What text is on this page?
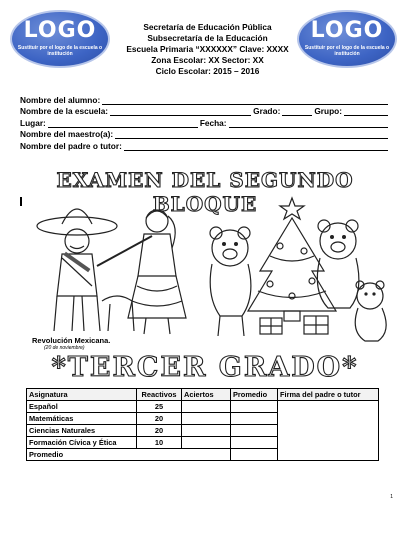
LOGO
Sustituir por el logo de la escuela o institución
LOGO
Sustituir por el logo de la escuela o institución
Secretaría de Educación Pública
Subsecretaría de la Educación
Escuela Primaria “XXXXXX” Clave: XXXX
Zona Escolar: XX Sector: XX
Ciclo Escolar: 2015 – 2016
Nombre del alumno:
Nombre de la escuela:	Grado:	Grupo:
Lugar:	Fecha:
Nombre del maestro(a):
Nombre del padre o tutor:
EXAMEN DEL SEGUNDO BLOQUE
Revolución Mexicana.
(20 de noviembre)
*TERCER GRADO*
Asignatura	Reactivos	Aciertos	Promedio	Firma del padre o tutor
Español	25			
Matemáticas	20			
Ciencias Naturales	20			
Formación Cívica y Ética	10			
Promedio				
1
